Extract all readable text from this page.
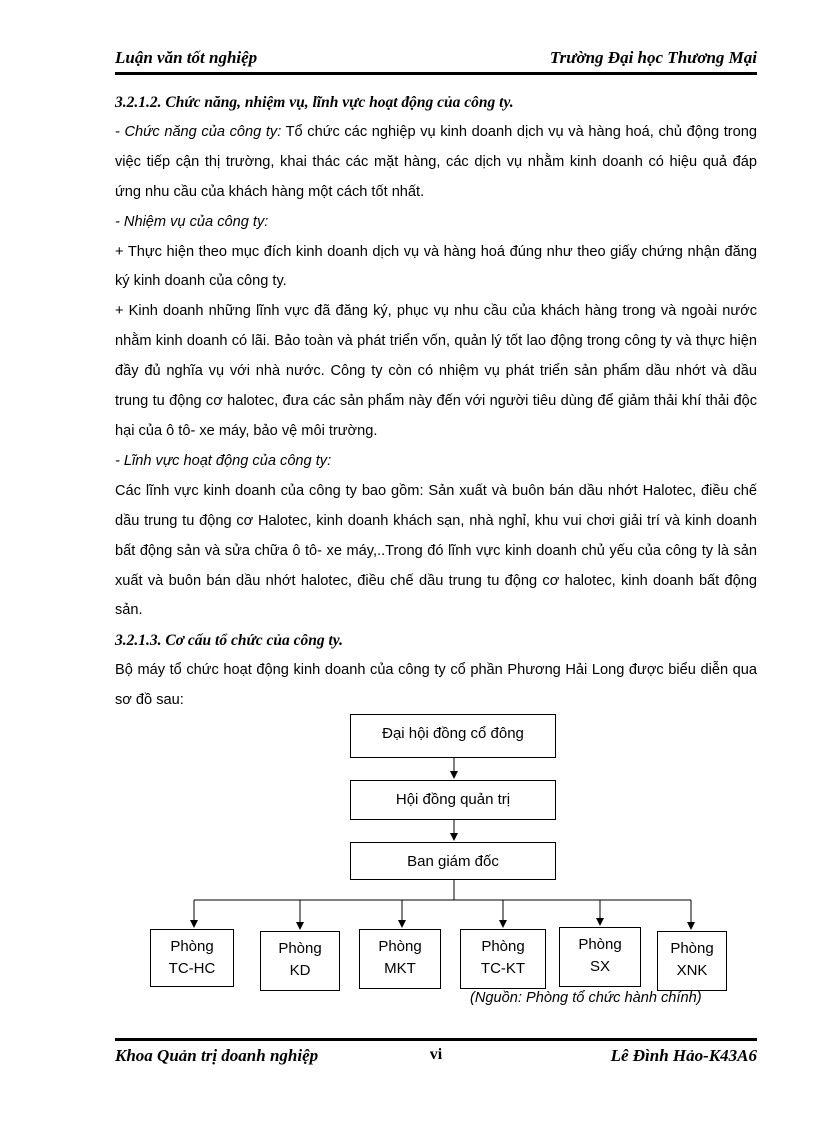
Luận văn tốt nghiệp	Trường Đại học Thương Mại

3.2.1.2. Chức năng, nhiệm vụ, lĩnh vực hoạt động của công ty.

- Chức năng của công ty: Tổ chức các nghiệp vụ kinh doanh dịch vụ và hàng hoá, chủ động trong việc tiếp cận thị trường, khai thác các mặt hàng, các dịch vụ nhằm kinh doanh có hiệu quả đáp ứng nhu cầu của khách hàng một cách tốt nhất.

- Nhiệm vụ của công ty:

+ Thực hiện theo mục đích kinh doanh dịch vụ và hàng hoá đúng như theo giấy chứng nhận đăng ký kinh doanh của công ty.

+ Kinh doanh những lĩnh vực đã đăng ký, phục vụ nhu cầu của khách hàng trong và ngoài nước nhằm kinh doanh có lãi. Bảo toàn và phát triển vốn, quản lý tốt lao động trong công ty và thực hiện đầy đủ nghĩa vụ với nhà nước. Công ty còn có nhiệm vụ phát triển sản phẩm dầu nhớt và dầu trung tu động cơ halotec, đưa các sản phẩm này đến với người tiêu dùng để giảm thải khí thải độc hại của ô tô- xe máy, bảo vệ môi trường.

- Lĩnh vực hoạt động của công ty:

Các lĩnh vực kinh doanh của công ty bao gồm: Sản xuất và buôn bán dầu nhớt Halotec, điều chế dầu trung tu động cơ Halotec, kinh doanh khách sạn, nhà nghỉ, khu vui chơi giải trí và kinh doanh bất động sản và sửa chữa ô tô- xe máy,..Trong đó lĩnh vực kinh doanh chủ yếu của công ty là sản xuất và buôn bán dầu nhớt halotec, điều chế dầu trung tu động cơ halotec, kinh doanh bất động sản.

3.2.1.3. Cơ cấu tổ chức của công ty.

Bộ máy tổ chức hoạt động kinh doanh của công ty cổ phần Phương Hải Long được biểu diễn qua sơ đồ sau:

Đại hội đồng cổ đông
Hội đồng quản trị
Ban giám đốc
Phòng
TC-HC
Phòng
KD
Phòng
MKT
Phòng
TC-KT
Phòng
SX
Phòng
XNK
(Nguồn: Phòng tổ chức hành chính)
Khoa Quản trị doanh nghiệp	vi	Lê Đình Hảo-K43A6
